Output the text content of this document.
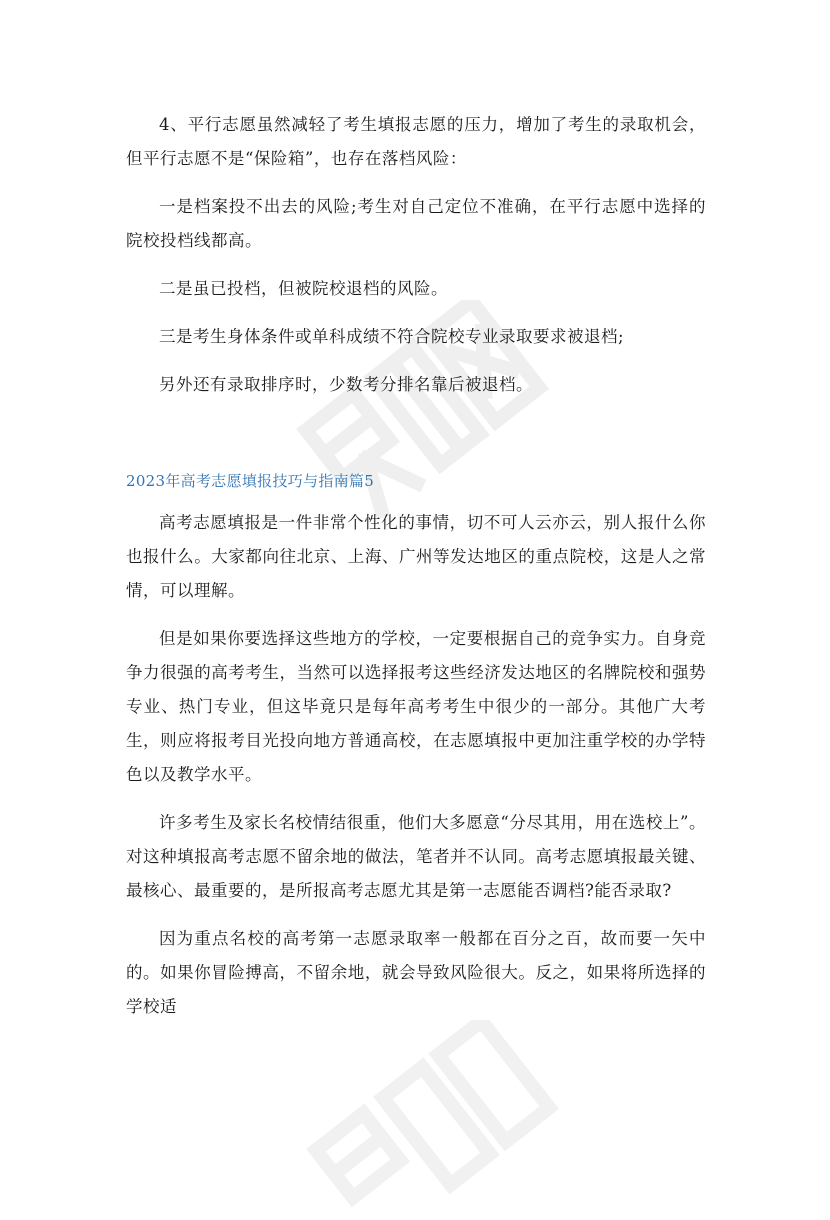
4、平行志愿虽然减轻了考生填报志愿的压力，增加了考生的录取机会，但平行志愿不是“保险箱”，也存在落档风险：

一是档案投不出去的风险;考生对自己定位不准确，在平行志愿中选择的院校投档线都高。

二是虽已投档，但被院校退档的风险。

三是考生身体条件或单科成绩不符合院校专业录取要求被退档;

另外还有录取排序时，少数考分排名靠后被退档。

2023年高考志愿填报技巧与指南篇5

高考志愿填报是一件非常个性化的事情，切不可人云亦云，别人报什么你也报什么。大家都向往北京、上海、广州等发达地区的重点院校，这是人之常情，可以理解。

但是如果你要选择这些地方的学校，一定要根据自己的竞争实力。自身竞争力很强的高考考生，当然可以选择报考这些经济发达地区的名牌院校和强势专业、热门专业，但这毕竟只是每年高考考生中很少的一部分。其他广大考生，则应将报考目光投向地方普通高校，在志愿填报中更加注重学校的办学特色以及教学水平。

许多考生及家长名校情结很重，他们大多愿意“分尽其用，用在选校上”。对这种填报高考志愿不留余地的做法，笔者并不认同。高考志愿填报最关键、最核心、最重要的，是所报高考志愿尤其是第一志愿能否调档?能否录取?

因为重点名校的高考第一志愿录取率一般都在百分之百，故而要一矢中的。如果你冒险搏高，不留余地，就会导致风险很大。反之，如果将所选择的学校适
